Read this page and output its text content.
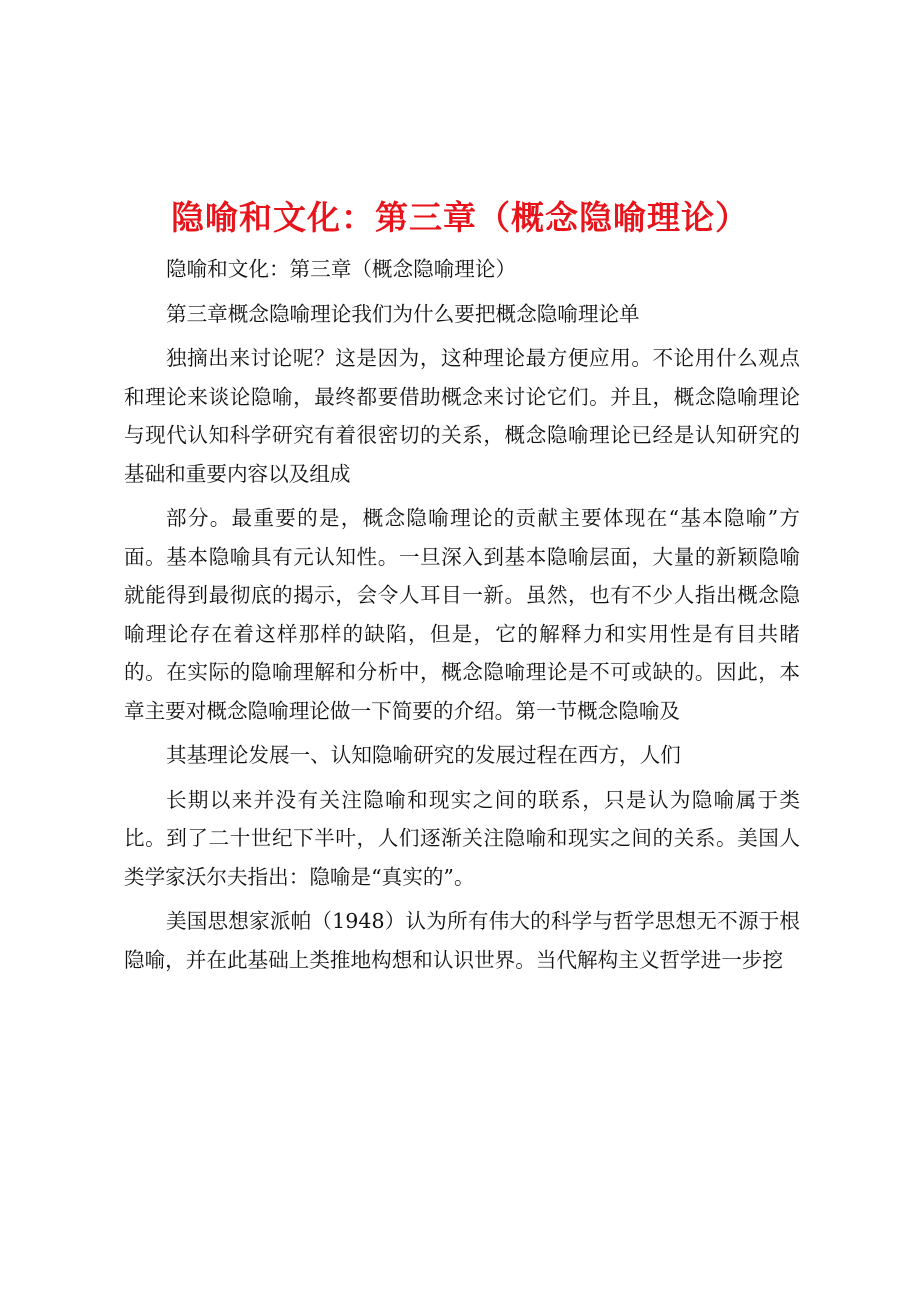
隐喻和文化：第三章（概念隐喻理论）

隐喻和文化：第三章（概念隐喻理论）

第三章概念隐喻理论我们为什么要把概念隐喻理论单

独摘出来讨论呢？这是因为，这种理论最方便应用。不论用什么观点和理论来谈论隐喻，最终都要借助概念来讨论它们。并且，概念隐喻理论与现代认知科学研究有着很密切的关系，概念隐喻理论已经是认知研究的基础和重要内容以及组成

部分。最重要的是，概念隐喻理论的贡献主要体现在“基本隐喻”方面。基本隐喻具有元认知性。一旦深入到基本隐喻层面，大量的新颖隐喻就能得到最彻底的揭示，会令人耳目一新。虽然，也有不少人指出概念隐喻理论存在着这样那样的缺陷，但是，它的解释力和实用性是有目共睹的。在实际的隐喻理解和分析中，概念隐喻理论是不可或缺的。因此，本章主要对概念隐喻理论做一下简要的介绍。第一节概念隐喻及

其基理论发展一、认知隐喻研究的发展过程在西方，人们

长期以来并没有关注隐喻和现实之间的联系，只是认为隐喻属于类比。到了二十世纪下半叶，人们逐渐关注隐喻和现实之间的关系。美国人类学家沃尔夫指出：隐喻是“真实的”。

美国思想家派帕（1948）认为所有伟大的科学与哲学思想无不源于根隐喻，并在此基础上类推地构想和认识世界。当代解构主义哲学进一步挖
